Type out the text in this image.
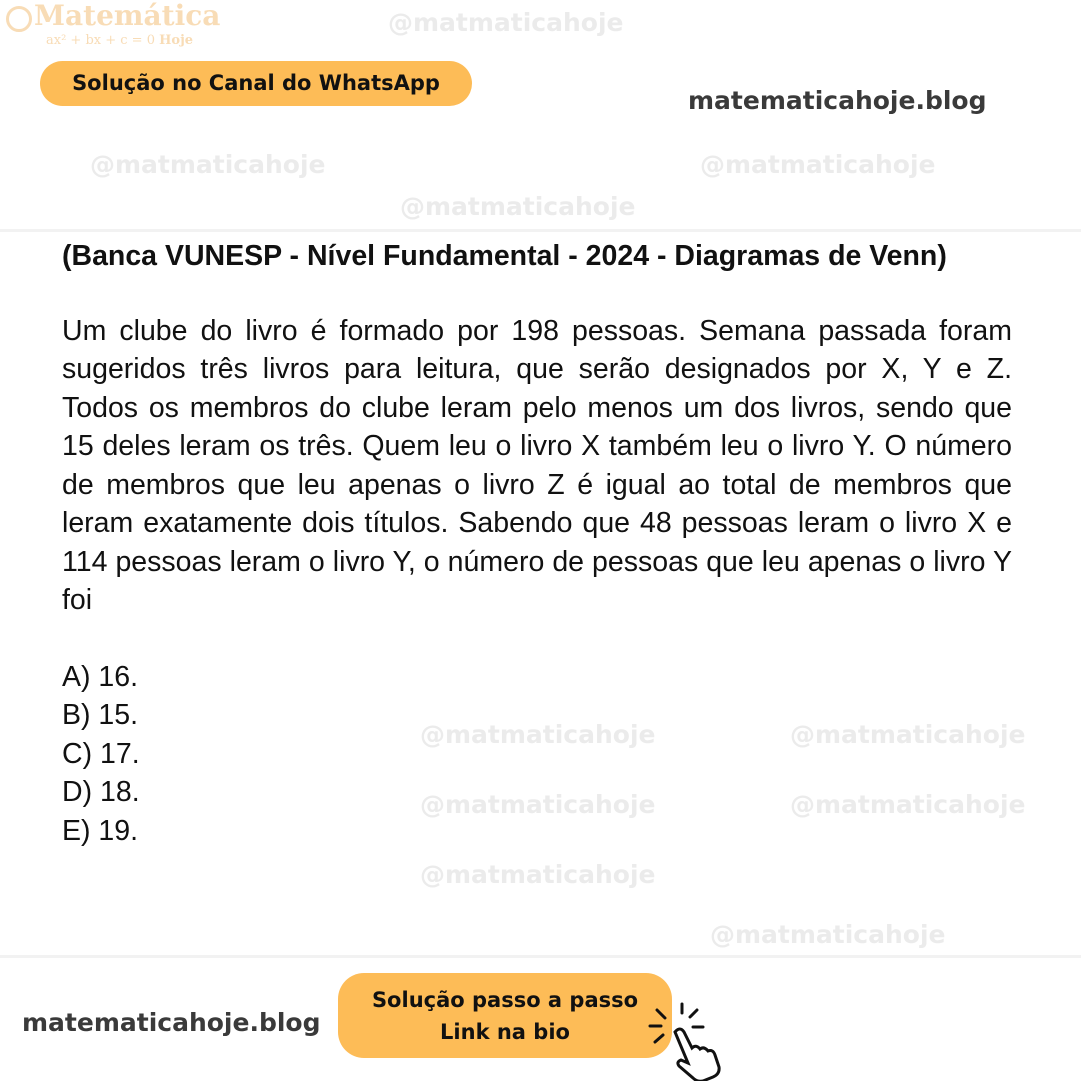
@matmaticahoje
@matmaticahoje	@matmaticahoje
@matmaticahoje
@matmaticahoje	@matmaticahoje
@matmaticahoje	@matmaticahoje
@matmaticahoje
@matmaticahoje
Matemática
ax² + bx + c = 0 Hoje
Solução no Canal do WhatsApp
matematicahoje.blog
(Banca VUNESP - Nível Fundamental - 2024 - Diagramas de Venn)
Um clube do livro é formado por 198 pessoas. Semana passada foram sugeridos três livros para leitura, que serão designados por X, Y e Z. Todos os membros do clube leram pelo menos um dos livros, sendo que 15 deles leram os três. Quem leu o livro X também leu o livro Y. O número de membros que leu apenas o livro Z é igual ao total de membros que leram exatamente dois títulos. Sabendo que 48 pessoas leram o livro X e 114 pessoas leram o livro Y, o número de pessoas que leu apenas o livro Y foi
A) 16.
B) 15.
C) 17.
D) 18.
E) 19.
matematicahoje.blog
Solução passo a passo
Link na bio
